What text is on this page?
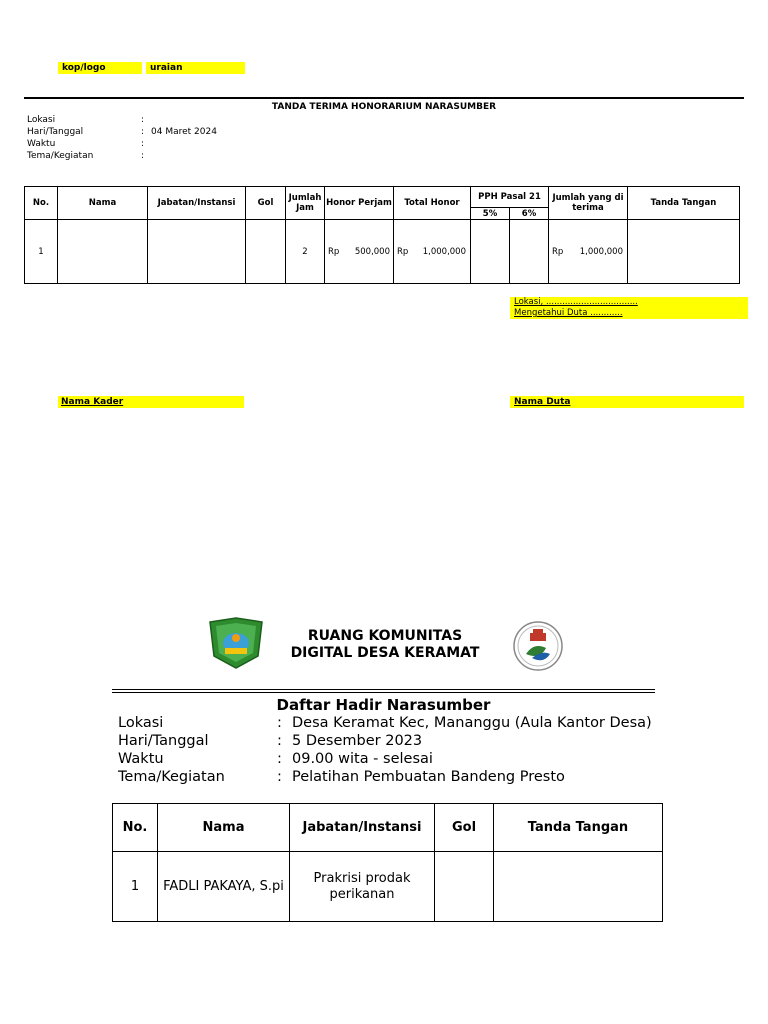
kop/logo	uraian
TANDA TERIMA HONORARIUM NARASUMBER
Lokasi	:
Hari/Tanggal	: 04 Maret 2024
Waktu	:
Tema/Kegiatan	:
No.	Nama	Jabatan/Instansi	Gol	Jumlah Jam	Honor Perjam	Total Honor	PPH Pasal 21		Jumlah yang di terima	Tanda Tangan
							5%	6%		
1				2	Rp 500,000	Rp 1,000,000			Rp 1,000,000	

Lokasi, ..................................
Mengetahui Duta ............
Nama Kader	Nama Duta
RUANG KOMUNITAS
DIGITAL DESA KERAMAT
Daftar Hadir Narasumber
Lokasi	:	Desa Keramat Kec, Mananggu (Aula Kantor Desa)
Hari/Tanggal	:	5 Desember 2023
Waktu	:	09.00 wita - selesai
Tema/Kegiatan	:	Pelatihan Pembuatan Bandeng Presto
No.	Nama	Jabatan/Instansi	Gol	Tanda Tangan
1	FADLI PAKAYA, S.pi	Prakrisi prodak perikanan		
